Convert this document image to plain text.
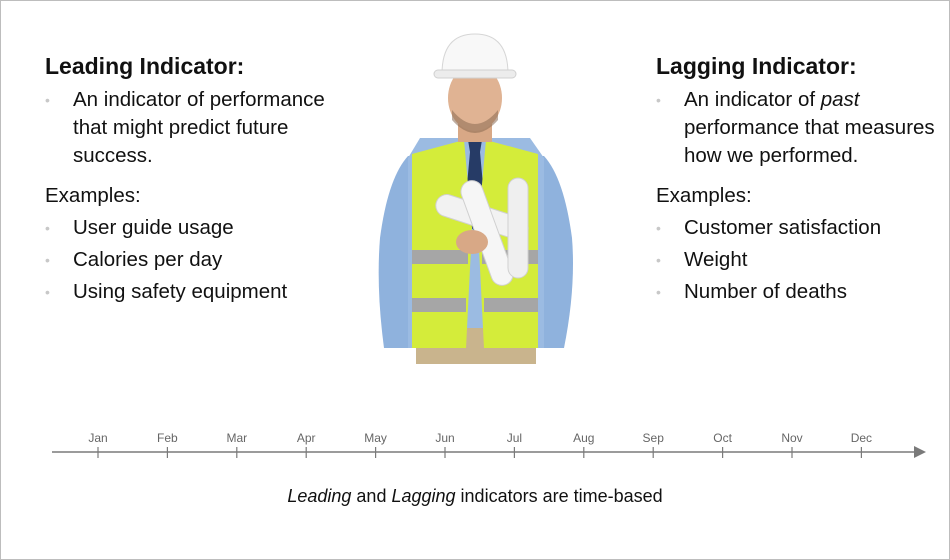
Leading Indicator:
• An indicator of performance that might predict future success.
Examples:
• User guide usage
• Calories per day
• Using safety equipment
Lagging Indicator:
• An indicator of past performance that measures how we performed.
Examples:
• Customer satisfaction
• Weight
• Number of deaths
Jan	Feb	Mar	Apr	May	Jun	Jul	Aug	Sep	Oct	Nov	Dec
Leading and Lagging indicators are time-based
